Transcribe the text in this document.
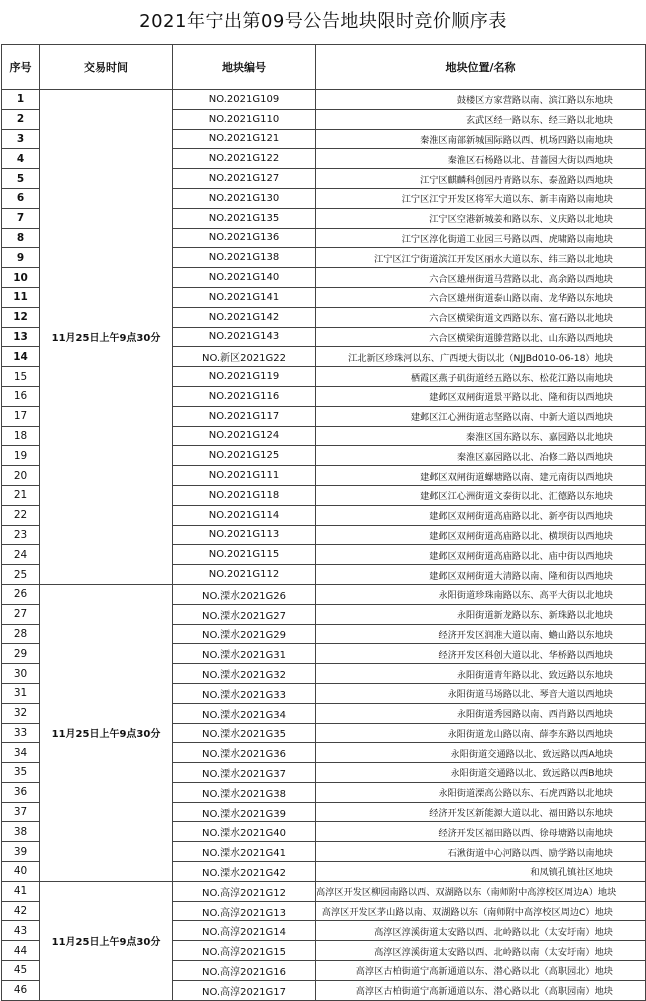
2021年宁出第09号公告地块限时竞价顺序表
序号	交易时间	地块编号	地块位置/名称
1	11月25日上午9点30分	NO.2021G109	鼓楼区方家营路以南、滨江路以东地块
2		NO.2021G110	玄武区经一路以东、经三路以北地块
3		NO.2021G121	秦淮区南部新城国际路以西、机场四路以南地块
4		NO.2021G122	秦淮区石杨路以北、昔蔷园大街以西地块
5		NO.2021G127	江宁区麒麟科创园丹青路以东、泰盈路以西地块
6		NO.2021G130	江宁区江宁开发区将军大道以东、新丰南路以南地块
7		NO.2021G135	江宁区空港新城姜和路以东、义庆路以北地块
8		NO.2021G136	江宁区淳化街道工业园三号路以西、虎啸路以南地块
9		NO.2021G138	江宁区江宁街道滨江开发区丽水大道以东、纬三路以北地块
10		NO.2021G140	六合区雄州街道马营路以北、高余路以西地块
11		NO.2021G141	六合区雄州街道泰山路以南、龙华路以东地块
12		NO.2021G142	六合区横梁街道文西路以东、富石路以北地块
13		NO.2021G143	六合区横梁街道滕营路以北、山东路以西地块
14		NO.新区2021G22	江北新区珍珠河以东、广西埂大街以北（NJJBd010-06-18）地块
15		NO.2021G119	栖霞区燕子矶街道经五路以东、松花江路以南地块
16		NO.2021G116	建邺区双闸街道景平路以北、隆和街以西地块
17		NO.2021G117	建邺区江心洲街道志坚路以南、中新大道以西地块
18		NO.2021G124	秦淮区国东路以东、嘉园路以北地块
19		NO.2021G125	秦淮区嘉园路以北、冶修二路以西地块
20		NO.2021G111	建邺区双闸街道螺塘路以南、建元南街以西地块
21		NO.2021G118	建邺区江心洲街道文泰街以北、汇德路以东地块
22		NO.2021G114	建邺区双闸街道高庙路以北、新亭街以西地块
23		NO.2021G113	建邺区双闸街道高庙路以北、横坝街以西地块
24		NO.2021G115	建邺区双闸街道高庙路以北、庙中街以西地块
25		NO.2021G112	建邺区双闸街道大清路以南、隆和街以西地块
26	11月25日上午9点30分	NO.溧水2021G26	永阳街道珍珠南路以东、高平大街以北地块
27		NO.溧水2021G27	永阳街道新龙路以东、新珠路以北地块
28		NO.溧水2021G29	经济开发区润准大道以南、蟾山路以东地块
29		NO.溧水2021G31	经济开发区科创大道以北、华桥路以西地块
30		NO.溧水2021G32	永阳街道青年路以北、致远路以东地块
31		NO.溧水2021G33	永阳街道马场路以北、琴音大道以西地块
32		NO.溧水2021G34	永阳街道秀园路以南、西肖路以西地块
33		NO.溧水2021G35	永阳街道龙山路以南、薛李东路以西地块
34		NO.溧水2021G36	永阳街道交通路以北、致远路以西A地块
35		NO.溧水2021G37	永阳街道交通路以北、致远路以西B地块
36		NO.溧水2021G38	永阳街道溧高公路以东、石虎西路以北地块
37		NO.溧水2021G39	经济开发区新能源大道以北、福田路以东地块
38		NO.溧水2021G40	经济开发区福田路以西、徐母塘路以南地块
39		NO.溧水2021G41	石湫街道中心河路以西、励学路以南地块
40		NO.溧水2021G42	和凤镇孔镇社区地块
41	11月25日上午9点30分	NO.高淳2021G12	高淳区开发区柳园南路以西、双湖路以东（南师附中高淳校区周边A）地块
42		NO.高淳2021G13	高淳区开发区茅山路以南、双湖路以东（南师附中高淳校区周边C）地块
43		NO.高淳2021G14	高淳区淳溪街道太安路以西、北岭路以北（太安圩南）地块
44		NO.高淳2021G15	高淳区淳溪街道太安路以西、北岭路以南（太安圩南）地块
45		NO.高淳2021G16	高淳区古柏街道宁高新通道以东、潜心路以北（高职园北）地块
46		NO.高淳2021G17	高淳区古柏街道宁高新通道以东、潜心路以北（高职园南）地块
